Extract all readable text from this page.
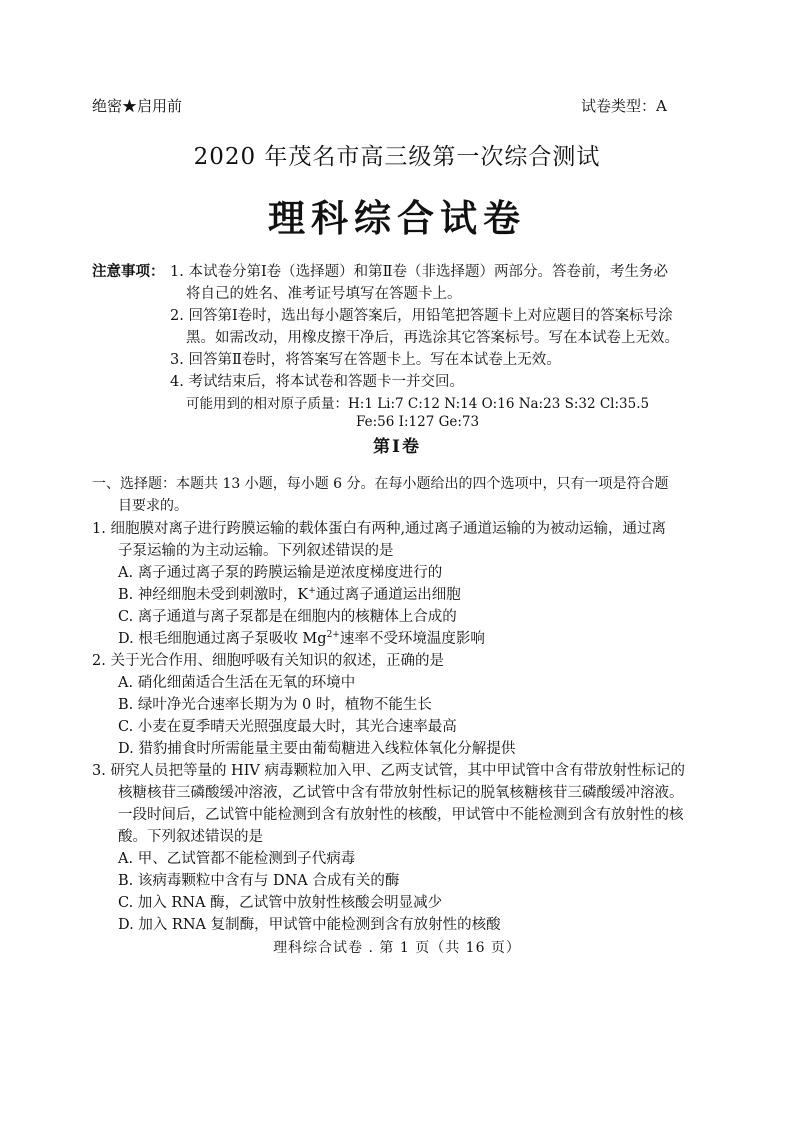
绝密★启用前	试卷类型：A
2020 年茂名市高三级第一次综合测试
理科综合试卷
注意事项： 1. 本试卷分第Ⅰ卷（选择题）和第Ⅱ卷（非选择题）两部分。答卷前，考生务必
将自己的姓名、准考证号填写在答题卡上。
2. 回答第Ⅰ卷时，选出每小题答案后，用铅笔把答题卡上对应题目的答案标号涂
黑。如需改动，用橡皮擦干净后，再选涂其它答案标号。写在本试卷上无效。
3. 回答第Ⅱ卷时，将答案写在答题卡上。写在本试卷上无效。
4. 考试结束后，将本试卷和答题卡一并交回。
可能用到的相对原子质量：H:1 Li:7 C:12 N:14 O:16 Na:23 S:32 Cl:35.5
Fe:56 I:127 Ge:73
第Ⅰ卷
一、选择题：本题共 13 小题，每小题 6 分。在每小题给出的四个选项中，只有一项是符合题
目要求的。
1. 细胞膜对离子进行跨膜运输的载体蛋白有两种,通过离子通道运输的为被动运输，通过离
子泵运输的为主动运输。下列叙述错误的是
A. 离子通过离子泵的跨膜运输是逆浓度梯度进行的
B. 神经细胞未受到刺激时，K+通过离子通道运出细胞
C. 离子通道与离子泵都是在细胞内的核糖体上合成的
D. 根毛细胞通过离子泵吸收 $Mg^{2+}$速率不受环境温度影响
2. 关于光合作用、细胞呼吸有关知识的叙述，正确的是
A. 硝化细菌适合生活在无氧的环境中
B. 绿叶净光合速率长期为为 0 时，植物不能生长
C. 小麦在夏季晴天光照强度最大时，其光合速率最高
D. 猎豹捕食时所需能量主要由葡萄糖进入线粒体氧化分解提供
3. 研究人员把等量的 HIV 病毒颗粒加入甲、乙两支试管，其中甲试管中含有带放射性标记的
核糖核苷三磷酸缓冲溶液，乙试管中含有带放射性标记的脱氧核糖核苷三磷酸缓冲溶液。
一段时间后，乙试管中能检测到含有放射性的核酸，甲试管中不能检测到含有放射性的核
酸。下列叙述错误的是
A. 甲、乙试管都不能检测到子代病毒
B. 该病毒颗粒中含有与 DNA 合成有关的酶
C. 加入 RNA 酶，乙试管中放射性核酸会明显减少
D. 加入 RNA 复制酶，甲试管中能检测到含有放射性的核酸
理科综合试卷 . 第 1 页（共 16 页）
